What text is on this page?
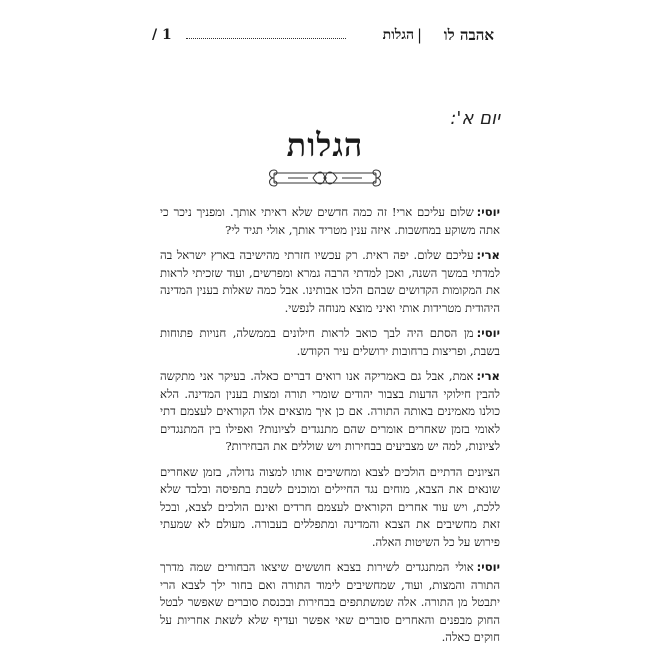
אהבה לו
|
הגלות
/ 1
יום א':
הגלות

יוסי:שלום עליכם ארי! זה כמה חדשים שלא ראיתי אותך. ומפניך ניכר כי אתה משוקע במחשבות. איזה ענין מטריד אותך, אולי תגיד לי?

ארי:עליכם שלום. יפה ראית. רק עכשיו חזרתי מהישיבה בארץ ישראל בה למדתי במשך השנה, ואכן למדתי הרבה גמרא ומפרשים, ועוד שזכיתי לראות את המקומות הקדושים שבהם הלכו אבותינו. אבל כמה שאלות בענין המדינה היהודית מטרידות אותי ואיני מוצא מנוחה לנפשי.

יוסי:מן הסתם היה לבך כואב לראות חילונים בממשלה, חנויות פתוחות בשבת, ופריצות ברחובות ירושלים עיר הקודש.

ארי:אמת, אבל גם באמריקה אנו רואים דברים כאלה. בעיקר אני מתקשה להבין חילוקי הדעות בצבור יהודים שומרי תורה ומצות בענין המדינה. הלא כולנו מאמינים באותה התורה. אם כן איך מוצאים אלו הקוראים לעצמם דתי לאומי בזמן שאחרים אומרים שהם מתנגדים לציונות? ואפילו בין המתנגדים לציונות, למה יש מצביעים בבחירות ויש שוללים את הבחירות?

הציונים הדתיים הולכים לצבא ומחשיבים אותו למצוה גדולה, בזמן שאחרים שונאים את הצבא, מוחים נגד החיילים ומוכנים לשבת בתפיסה ובלבד שלא ללכת, ויש עוד אחרים הקוראים לעצמם חרדים ואינם הולכים לצבא, ובכל זאת מחשיבים את הצבא והמדינה ומתפללים בעבורה. מעולם לא שמעתי פירוש על כל השיטות האלה.

יוסי:אולי המתנגדים לשירות בצבא חוששים שיצאו הבחורים שמה מדרך התורה והמצות, ועוד, שמחשיבים לימוד התורה ואם בחור ילך לצבא הרי יתבטל מן התורה. אלה שמשתתפים בבחירות ובכנסת סוברים שאפשר לבטל החוק מבפנים והאחרים סוברים שאי אפשר ועדיף שלא לשאת אחריות על חוקים כאלה.
